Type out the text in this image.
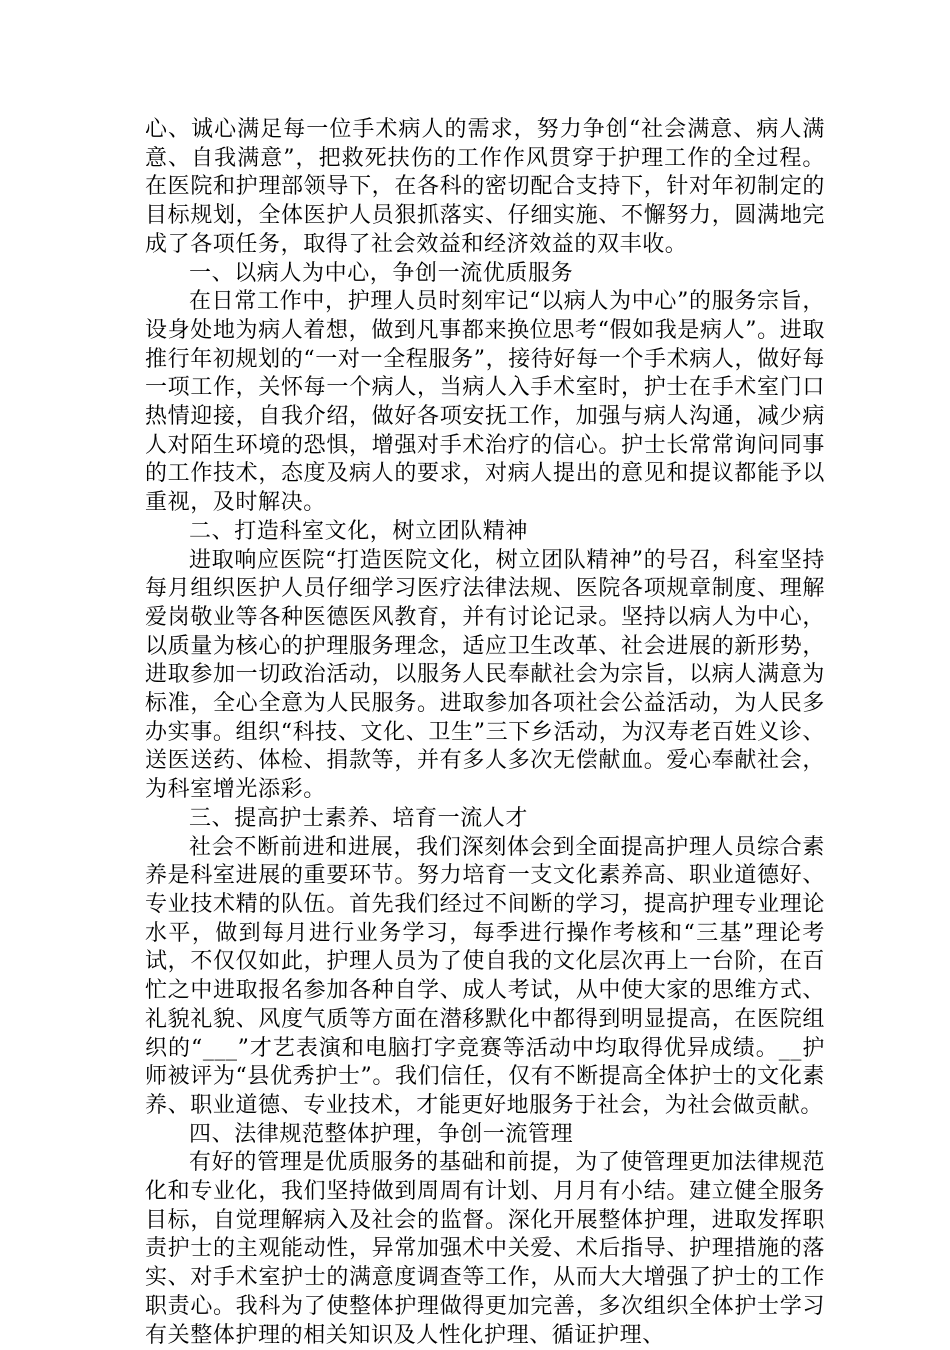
心、诚心满足每一位手术病人的需求，努力争创“社会满意、病人满意、自我满意”，把救死扶伤的工作作风贯穿于护理工作的全过程。在医院和护理部领导下，在各科的密切配合支持下，针对年初制定的目标规划，全体医护人员狠抓落实、仔细实施、不懈努力，圆满地完成了各项任务，取得了社会效益和经济效益的双丰收。

一、以病人为中心，争创一流优质服务

在日常工作中，护理人员时刻牢记“以病人为中心”的服务宗旨，设身处地为病人着想，做到凡事都来换位思考“假如我是病人”。进取推行年初规划的“一对一全程服务”，接待好每一个手术病人，做好每一项工作，关怀每一个病人，当病人入手术室时，护士在手术室门口热情迎接，自我介绍，做好各项安抚工作，加强与病人沟通，减少病人对陌生环境的恐惧，增强对手术治疗的信心。护士长常常询问同事的工作技术，态度及病人的要求，对病人提出的意见和提议都能予以重视，及时解决。

二、打造科室文化，树立团队精神

进取响应医院“打造医院文化，树立团队精神”的号召，科室坚持每月组织医护人员仔细学习医疗法律法规、医院各项规章制度、理解爱岗敬业等各种医德医风教育，并有讨论记录。坚持以病人为中心，以质量为核心的护理服务理念，适应卫生改革、社会进展的新形势，进取参加一切政治活动，以服务人民奉献社会为宗旨，以病人满意为标准，全心全意为人民服务。进取参加各项社会公益活动，为人民多办实事。组织“科技、文化、卫生”三下乡活动，为汉寿老百姓义诊、送医送药、体检、捐款等，并有多人多次无偿献血。爱心奉献社会，为科室增光添彩。

三、提高护士素养、培育一流人才

社会不断前进和进展，我们深刻体会到全面提高护理人员综合素养是科室进展的重要环节。努力培育一支文化素养高、职业道德好、专业技术精的队伍。首先我们经过不间断的学习，提高护理专业理论水平，做到每月进行业务学习，每季进行操作考核和“三基”理论考试，不仅仅如此，护理人员为了使自我的文化层次再上一台阶，在百忙之中进取报名参加各种自学、成人考试，从中使大家的思维方式、礼貌礼貌、风度气质等方面在潜移默化中都得到明显提高，在医院组织的“___”才艺表演和电脑打字竞赛等活动中均取得优异成绩。__护师被评为“县优秀护士”。我们信任，仅有不断提高全体护士的文化素养、职业道德、专业技术，才能更好地服务于社会，为社会做贡献。

四、法律规范整体护理，争创一流管理

有好的管理是优质服务的基础和前提，为了使管理更加法律规范化和专业化，我们坚持做到周周有计划、月月有小结。建立健全服务目标，自觉理解病入及社会的监督。深化开展整体护理，进取发挥职责护士的主观能动性，异常加强术中关爱、术后指导、护理措施的落实、对手术室护士的满意度调查等工作，从而大大增强了护士的工作职责心。我科为了使整体护理做得更加完善，多次组织全体护士学习有关整体护理的相关知识及人性化护理、循证护理、
